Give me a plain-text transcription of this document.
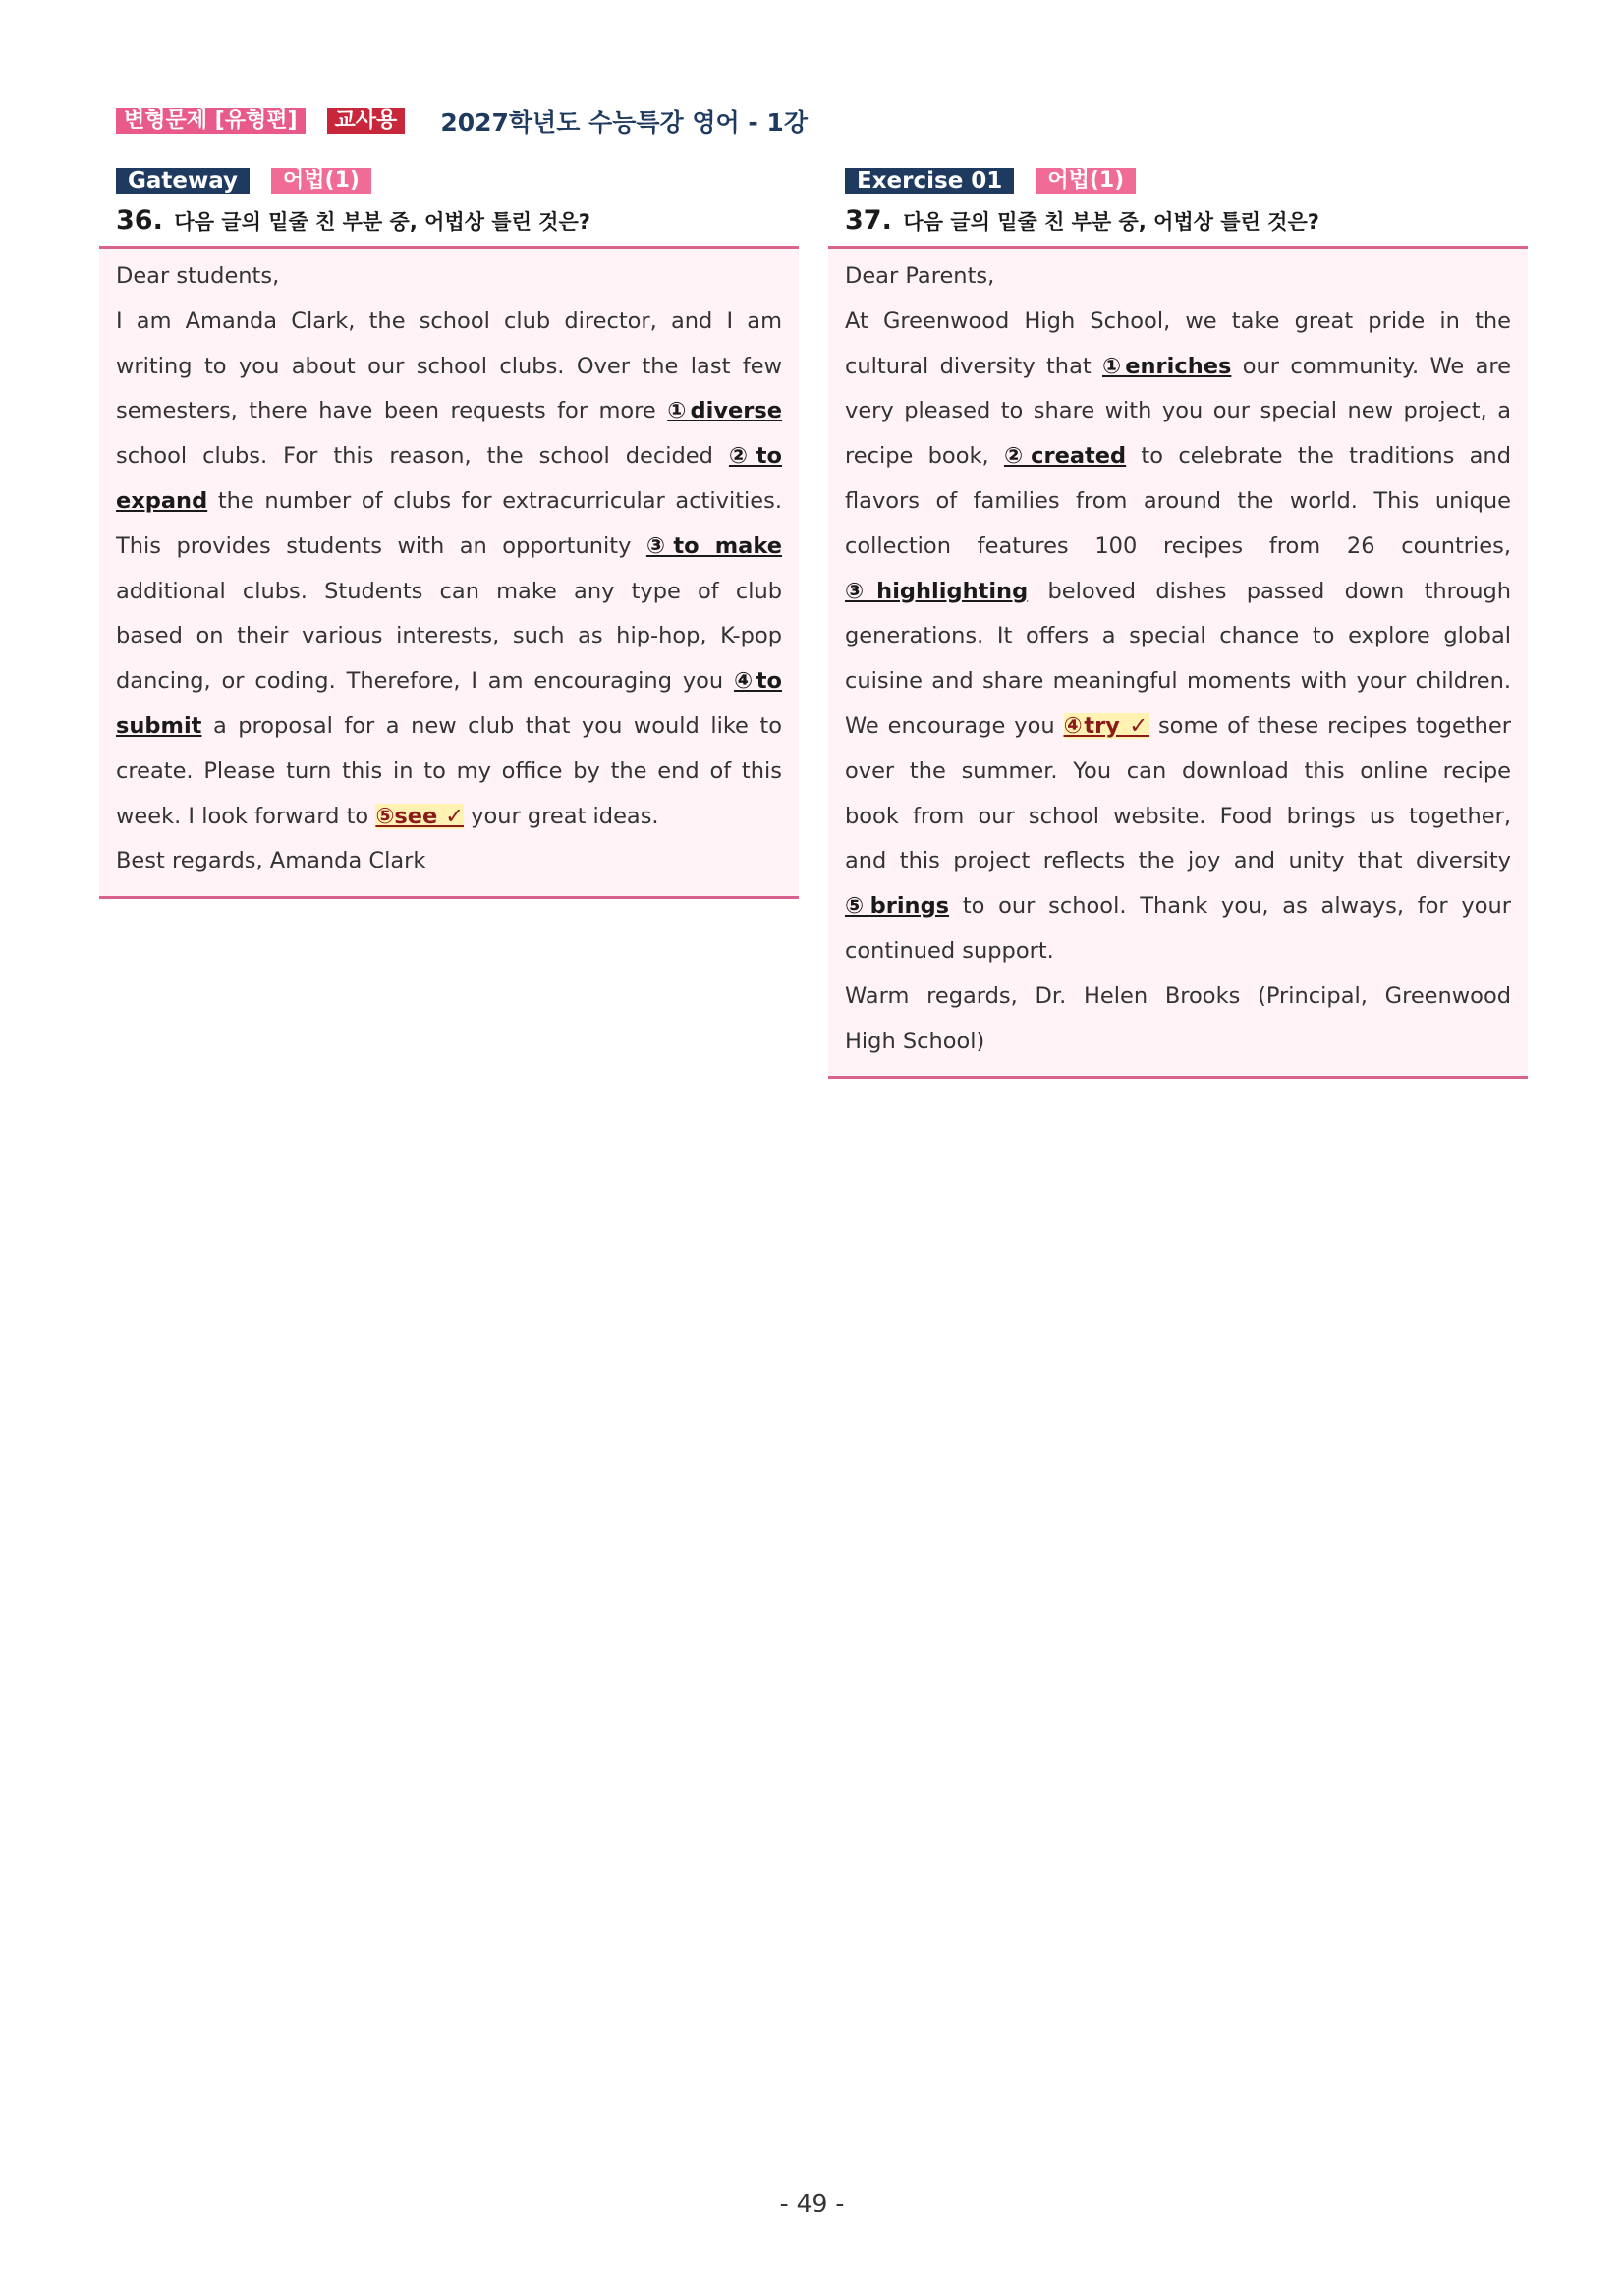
변형문제 [유형편]	교사용	2027학년도 수능특강 영어 - 1강
Gateway	어법(1)
36. 다음 글의 밑줄 친 부분 중, 어법상 틀린 것은?
Dear students,
I am Amanda Clark, the school club director, and I am
writing to you about our school clubs. Over the last few
semesters, there have been requests for more ①diverse
school clubs. For this reason, the school decided ②to
expand the number of clubs for extracurricular activities.
This provides students with an opportunity ③to make
additional clubs. Students can make any type of club
based on their various interests, such as hip-hop, K-pop
dancing, or coding. Therefore, I am encouraging you ④to
submit a proposal for a new club that you would like to
create. Please turn this in to my office by the end of this
week. I look forward to ⑤see ✓ your great ideas.
Best regards, Amanda Clark
Exercise 01	어법(1)
37. 다음 글의 밑줄 친 부분 중, 어법상 틀린 것은?
Dear Parents,
At Greenwood High School, we take great pride in the
cultural diversity that ①enriches our community. We are
very pleased to share with you our special new project, a
recipe book, ②created to celebrate the traditions and
flavors of families from around the world. This unique
collection features 100 recipes from 26 countries,
③highlighting beloved dishes passed down through
generations. It offers a special chance to explore global
cuisine and share meaningful moments with your children.
We encourage you ④try ✓ some of these recipes together
over the summer. You can download this online recipe
book from our school website. Food brings us together,
and this project reflects the joy and unity that diversity
⑤brings to our school. Thank you, as always, for your
continued support.
Warm regards, Dr. Helen Brooks (Principal, Greenwood
High School)
- 49 -
